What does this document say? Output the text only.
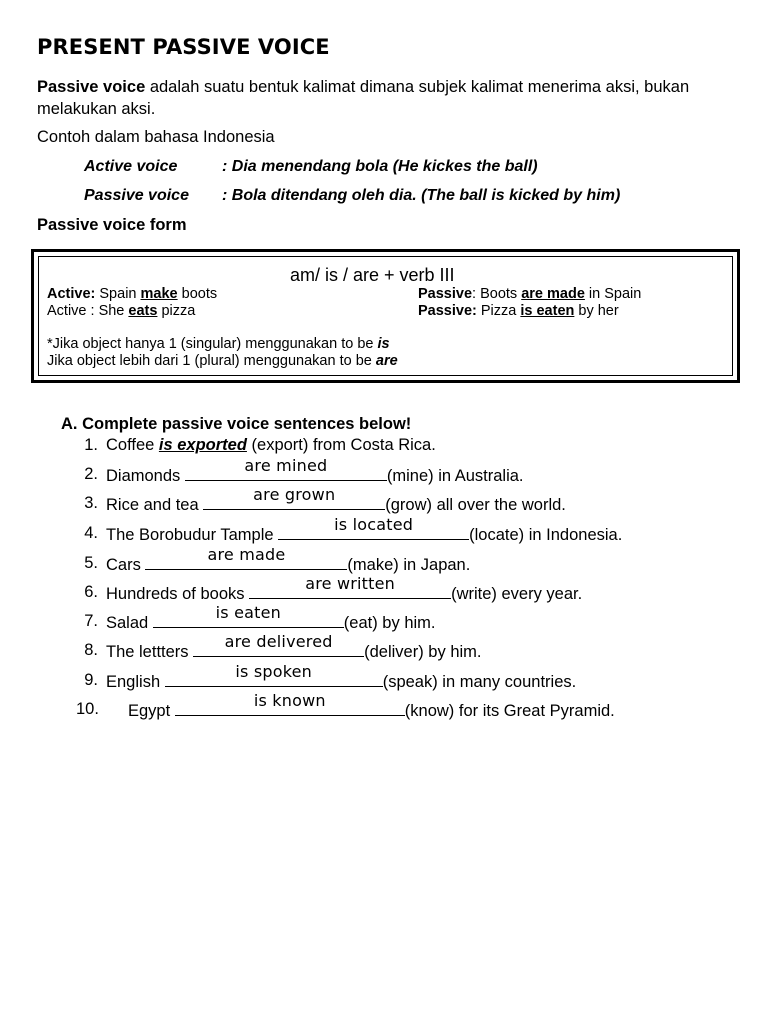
PRESENT PASSIVE VOICE
Passive voice adalah suatu bentuk kalimat dimana subjek kalimat menerima aksi, bukan
melakukan aksi.
Contoh dalam bahasa Indonesia
Active voice	: Dia menendang bola (He kickes the ball)
Passive voice : Bola ditendang oleh dia. (The ball is kicked by him)
Passive voice form
am/ is / are + verb III
Active: Spain make boots
Active : She eats pizza
Passive: Boots are made in Spain
Passive: Pizza is eaten by her
*Jika object hanya 1 (singular) menggunakan to be is
Jika object lebih dari 1 (plural) menggunakan to be are
A. Complete passive voice sentences below!
1. Coffee is exported (export) from Costa Rica.
2. Diamonds
are mined
(mine) in Australia.
3. Rice and tea
are grown
(grow) all over the world.
4. The Borobudur Tample
is located
(locate) in Indonesia.
5. Cars
are made
(make) in Japan.
6. Hundreds of books
are written
(write) every year.
7. Salad
is eaten
(eat) by him.
8. The lettters
are delivered
(deliver) by him.
9. English
is spoken
(speak) in many countries.
10. Egypt
is known
(know) for its Great Pyramid.
